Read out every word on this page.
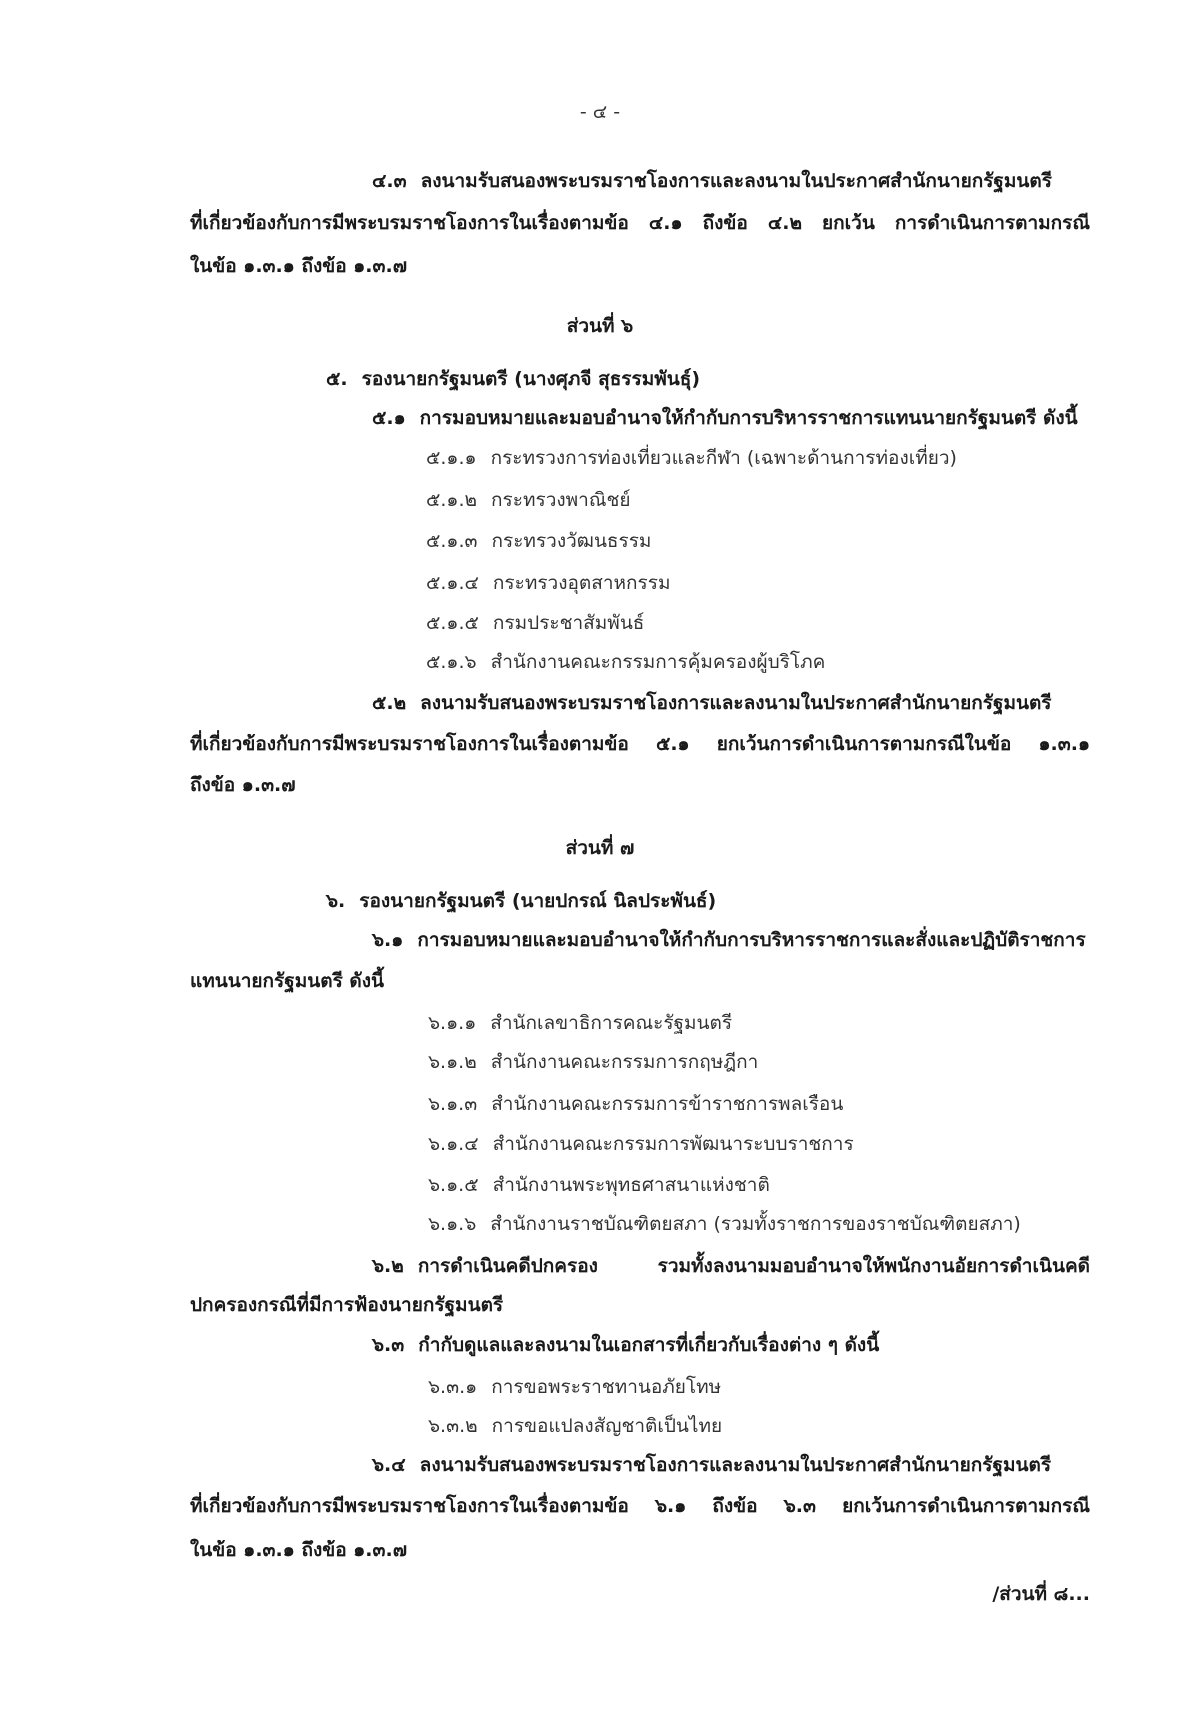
- ๔ -
๔.๓ ลงนามรับสนองพระบรมราชโองการและลงนามในประกาศสำนักนายกรัฐมนตรี
ที่เกี่ยวข้องกับการมีพระบรมราชโองการในเรื่องตามข้อ ๔.๑ ถึงข้อ ๔.๒ ยกเว้น การดำเนินการตามกรณี
ในข้อ ๑.๓.๑ ถึงข้อ ๑.๓.๗
ส่วนที่ ๖
๕. รองนายกรัฐมนตรี (นางศุภจี สุธรรมพันธุ์)
๕.๑ การมอบหมายและมอบอำนาจให้กำกับการบริหารราชการแทนนายกรัฐมนตรี ดังนี้
๕.๑.๑ กระทรวงการท่องเที่ยวและกีฬา (เฉพาะด้านการท่องเที่ยว)
๕.๑.๒ กระทรวงพาณิชย์
๕.๑.๓ กระทรวงวัฒนธรรม
๕.๑.๔ กระทรวงอุตสาหกรรม
๕.๑.๕ กรมประชาสัมพันธ์
๕.๑.๖ สำนักงานคณะกรรมการคุ้มครองผู้บริโภค
๕.๒ ลงนามรับสนองพระบรมราชโองการและลงนามในประกาศสำนักนายกรัฐมนตรี
ที่เกี่ยวข้องกับการมีพระบรมราชโองการในเรื่องตามข้อ ๕.๑ ยกเว้นการดำเนินการตามกรณีในข้อ ๑.๓.๑
ถึงข้อ ๑.๓.๗
ส่วนที่ ๗
๖. รองนายกรัฐมนตรี (นายปกรณ์ นิลประพันธ์)
๖.๑ การมอบหมายและมอบอำนาจให้กำกับการบริหารราชการและสั่งและปฏิบัติราชการ
แทนนายกรัฐมนตรี ดังนี้
๖.๑.๑ สำนักเลขาธิการคณะรัฐมนตรี
๖.๑.๒ สำนักงานคณะกรรมการกฤษฎีกา
๖.๑.๓ สำนักงานคณะกรรมการข้าราชการพลเรือน
๖.๑.๔ สำนักงานคณะกรรมการพัฒนาระบบราชการ
๖.๑.๕ สำนักงานพระพุทธศาสนาแห่งชาติ
๖.๑.๖ สำนักงานราชบัณฑิตยสภา (รวมทั้งราชการของราชบัณฑิตยสภา)
๖.๒ การดำเนินคดีปกครอง รวมทั้งลงนามมอบอำนาจให้พนักงานอัยการดำเนินคดี
ปกครองกรณีที่มีการฟ้องนายกรัฐมนตรี
๖.๓ กำกับดูแลและลงนามในเอกสารที่เกี่ยวกับเรื่องต่าง ๆ ดังนี้
๖.๓.๑ การขอพระราชทานอภัยโทษ
๖.๓.๒ การขอแปลงสัญชาติเป็นไทย
๖.๔ ลงนามรับสนองพระบรมราชโองการและลงนามในประกาศสำนักนายกรัฐมนตรี
ที่เกี่ยวข้องกับการมีพระบรมราชโองการในเรื่องตามข้อ ๖.๑ ถึงข้อ ๖.๓ ยกเว้นการดำเนินการตามกรณี
ในข้อ ๑.๓.๑ ถึงข้อ ๑.๓.๗
/ส่วนที่ ๘...
